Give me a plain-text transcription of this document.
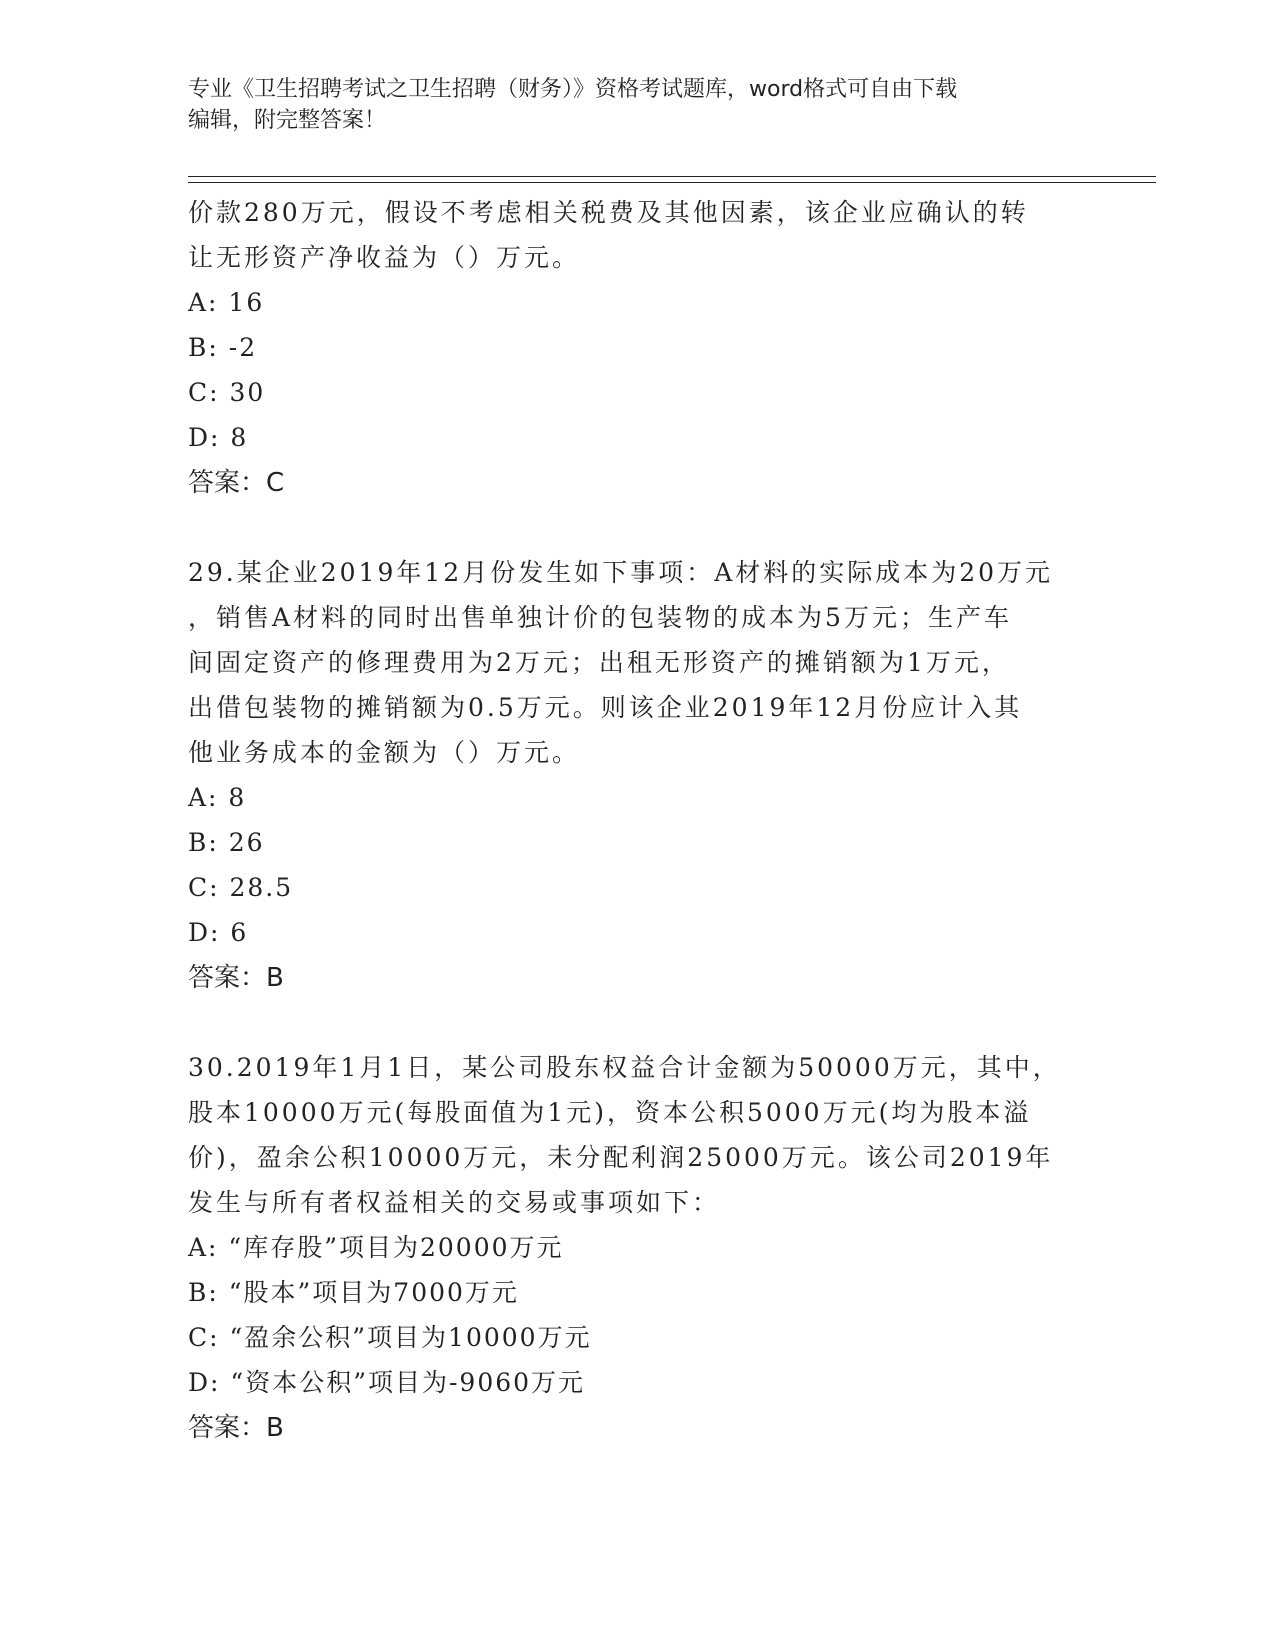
专业《卫生招聘考试之卫生招聘（财务）》资格考试题库，word格式可自由下载
编辑，附完整答案！
价款280万元，假设不考虑相关税费及其他因素，该企业应确认的转
让无形资产净收益为（）万元。
A: 16
B: -2
C: 30
D: 8
答案：C
29.某企业2019年12月份发生如下事项：A材料的实际成本为20万元
，销售A材料的同时出售单独计价的包装物的成本为5万元；生产车
间固定资产的修理费用为2万元；出租无形资产的摊销额为1万元，
出借包装物的摊销额为0.5万元。则该企业2019年12月份应计入其
他业务成本的金额为（）万元。
A: 8
B: 26
C: 28.5
D: 6
答案：B
30.2019年1月1日，某公司股东权益合计金额为50000万元，其中，
股本10000万元(每股面值为1元)，资本公积5000万元(均为股本溢
价)，盈余公积10000万元，未分配利润25000万元。该公司2019年
发生与所有者权益相关的交易或事项如下：
A: “库存股”项目为20000万元
B: “股本”项目为7000万元
C: “盈余公积”项目为10000万元
D: “资本公积”项目为-9060万元
答案：B
